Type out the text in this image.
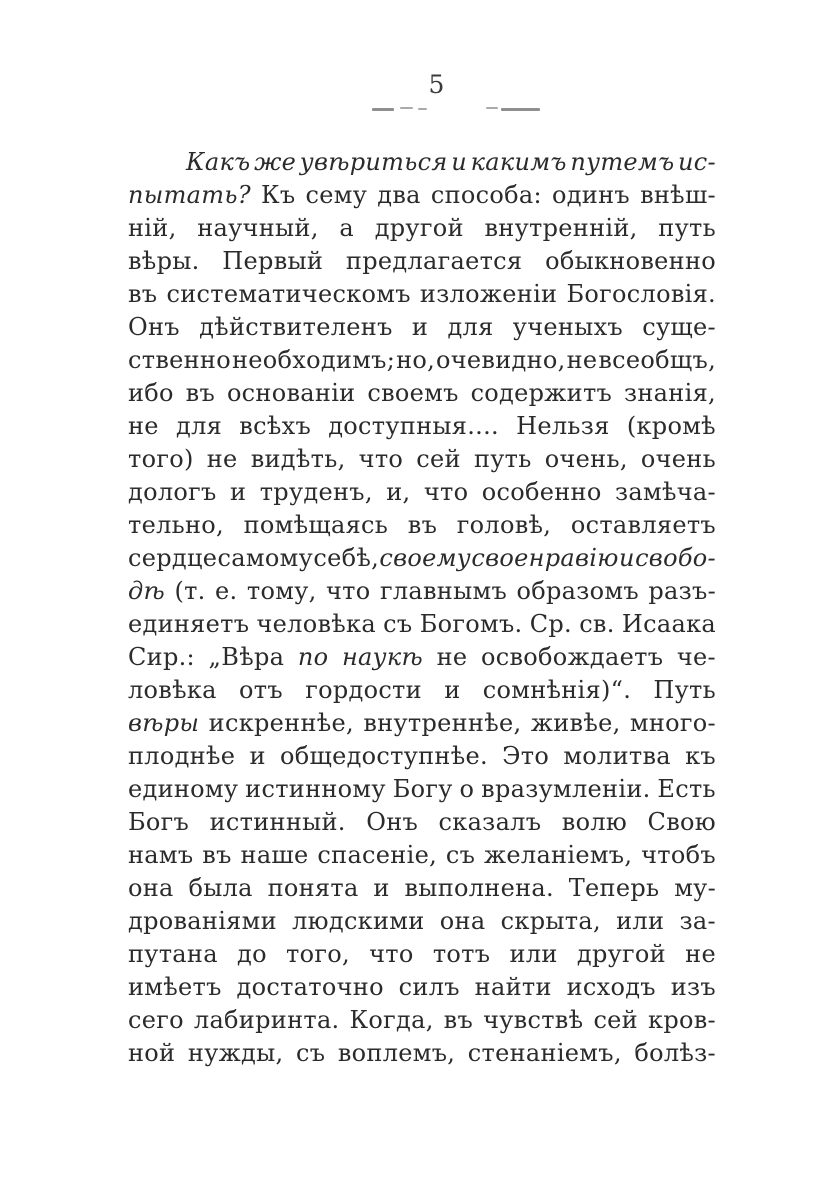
5
Какъ же увѣриться и какимъ путемъ ис-
пытать? Къ сему два способа: одинъ внѣш-
ній, научный, а другой внутренній, путь
вѣры. Первый предлагается обыкновенно
въ систематическомъ изложеніи Богословія.
Онъ дѣйствителенъ и для ученыхъ суще-
ственно необходимъ; но, очевидно, не всеобщъ,
ибо въ основаніи своемъ содержитъ знанія,
не для всѣхъ доступныя.... Нельзя (кромѣ
того) не видѣть, что сей путь очень, очень
дологъ и труденъ, и, что особенно замѣча-
тельно, помѣщаясь въ головѣ, оставляетъ
сердце самому себѣ, своему своенравію и свобо-
дѣ (т. е. тому, что главнымъ образомъ разъ-
единяетъ человѣка съ Богомъ. Ср. св. Исаака
Сир.: „Вѣра по наукѣ не освобождаетъ че-
ловѣка отъ гордости и сомнѣнія)“. Путь
вѣры искреннѣе, внутреннѣе, живѣе, много-
плоднѣе и общедоступнѣе. Это молитва къ
единому истинному Богу о вразумленіи. Есть
Богъ истинный. Онъ сказалъ волю Свою
намъ въ наше спасеніе, съ желаніемъ, чтобъ
она была понята и выполнена. Теперь му-
дрованіями людскими она скрыта, или за-
путана до того, что тотъ или другой не
имѣетъ достаточно силъ найти исходъ изъ
сего лабиринта. Когда, въ чувствѣ сей кров-
ной нужды, съ воплемъ, стенаніемъ, болѣз-
